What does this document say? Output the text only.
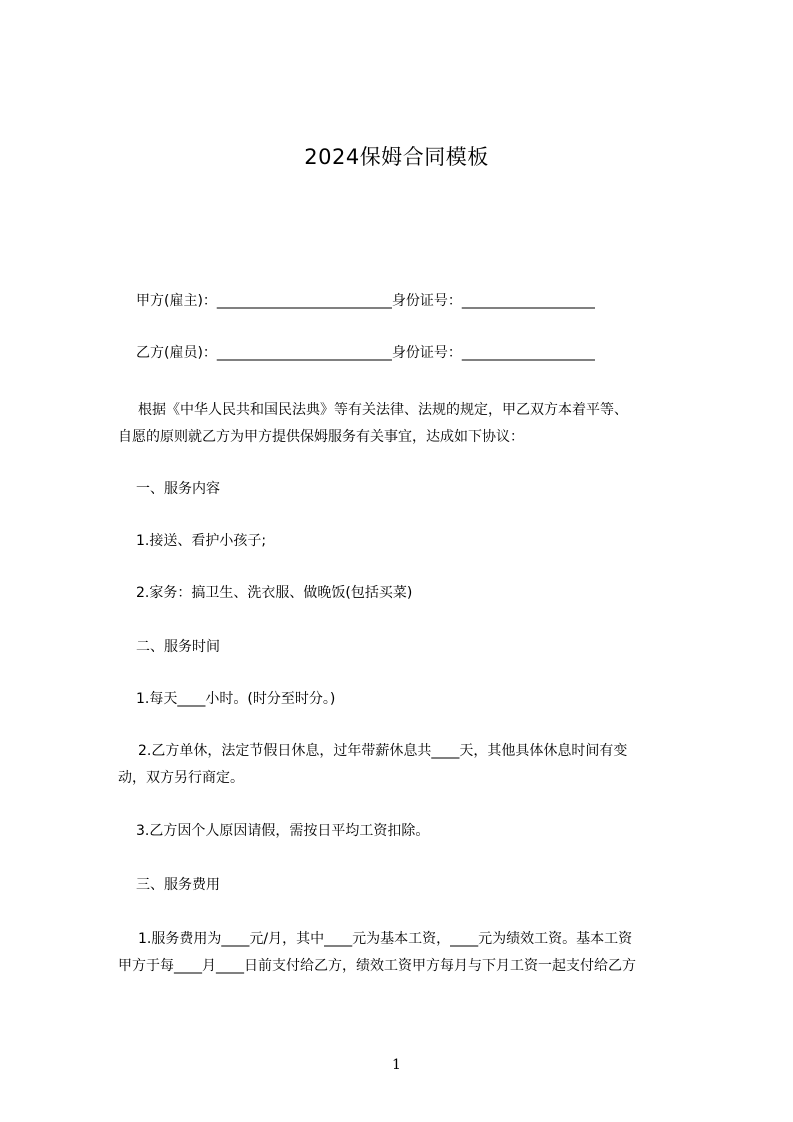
2024保姆合同模板
甲方(雇主)：_________________________身份证号：___________________
乙方(雇员)：_________________________身份证号：___________________
根据《中华人民共和国民法典》等有关法律、法规的规定，甲乙双方本着平等、
自愿的原则就乙方为甲方提供保姆服务有关事宜，达成如下协议：
一、服务内容
1.接送、看护小孩子;
2.家务：搞卫生、洗衣服、做晚饭(包括买菜)
二、服务时间
1.每天____小时。(时分至时分。)
2.乙方单休，法定节假日休息，过年带薪休息共____天，其他具体休息时间有变
动，双方另行商定。
3.乙方因个人原因请假，需按日平均工资扣除。
三、服务费用
1.服务费用为____元/月，其中____元为基本工资，____元为绩效工资。基本工资
甲方于每____月____日前支付给乙方，绩效工资甲方每月与下月工资一起支付给乙方
1
